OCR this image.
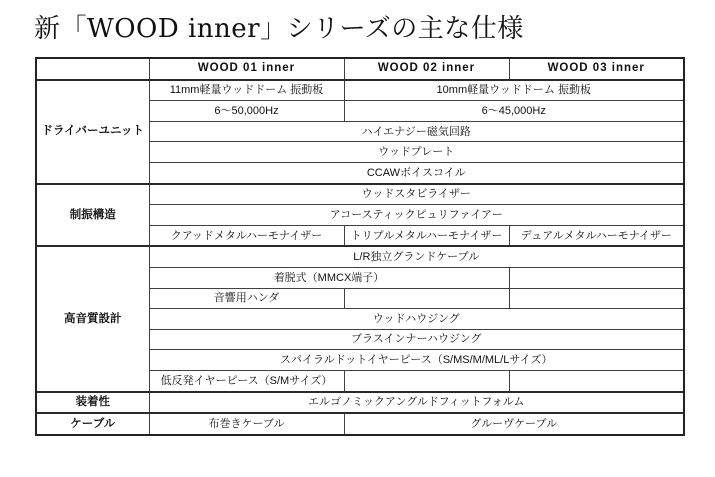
新「WOOD inner」シリーズの主な仕様
	WOOD 01 inner	WOOD 02 inner	WOOD 03 inner
ドライバーユニット	11mm軽量ウッドドーム 振動板	10mm軽量ウッドドーム 振動板	
	6〜50,000Hz	6〜45,000Hz	
	ハイエナジー磁気回路		
	ウッドプレート		
	CCAWボイスコイル		
制振構造	ウッドスタビライザー		
	アコースティックピュリファイアー		
	クアッドメタルハーモナイザー	トリプルメタルハーモナイザー	デュアルメタルハーモナイザー
高音質設計	L/R独立グランドケーブル		
	着脱式（MMCX端子）		
	音響用ハンダ		
	ウッドハウジング		
	ブラスインナーハウジング		
	スパイラルドットイヤーピース（S/MS/M/ML/Lサイズ）		
	低反発イヤーピース（S/Mサイズ）		
装着性	エルゴノミックアングルドフィットフォルム		
ケーブル	布巻きケーブル	グルーヴケーブル	
